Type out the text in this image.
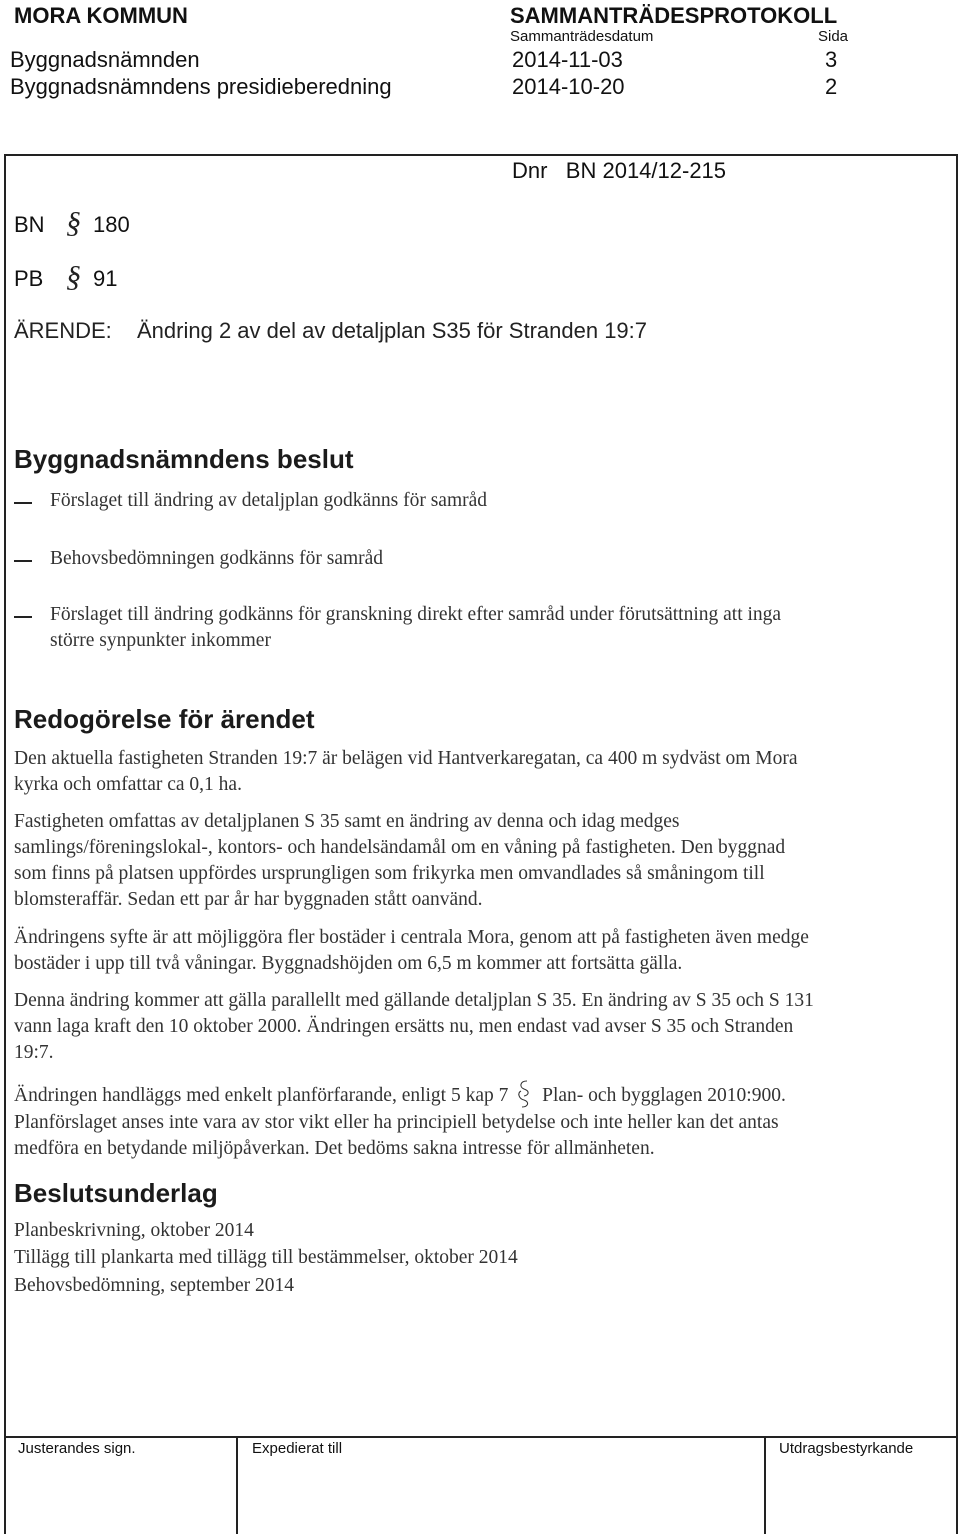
MORA KOMMUN	SAMMANTRÄDESPROTOKOLL
Sammanträdesdatum	Sida
Byggnadsnämnden	2014-11-03	3
Byggnadsnämndens presidieberedning	2014-10-20	2
Dnr BN 2014/12-215
BN § 180
PB § 91
ÄRENDE: Ändring 2 av del av detaljplan S35 för Stranden 19:7
Byggnadsnämndens beslut
Förslaget till ändring av detaljplan godkänns för samråd
Behovsbedömningen godkänns för samråd
Förslaget till ändring godkänns för granskning direkt efter samråd under förutsättning att inga
större synpunkter inkommer
Redogörelse för ärendet
Den aktuella fastigheten Stranden 19:7 är belägen vid Hantverkaregatan, ca 400 m sydväst om Mora
kyrka och omfattar ca 0,1 ha.
Fastigheten omfattas av detaljplanen S 35 samt en ändring av denna och idag medges
samlings/föreningslokal-, kontors- och handelsändamål om en våning på fastigheten. Den byggnad
som finns på platsen uppfördes ursprungligen som frikyrka men omvandlades så småningom till
blomsteraffär. Sedan ett par år har byggnaden stått oanvänd.
Ändringens syfte är att möjliggöra fler bostäder i centrala Mora, genom att på fastigheten även medge
bostäder i upp till två våningar. Byggnadshöjden om 6,5 m kommer att fortsätta gälla.
Denna ändring kommer att gälla parallellt med gällande detaljplan S 35. En ändring av S 35 och S 131
vann laga kraft den 10 oktober 2000. Ändringen ersätts nu, men endast vad avser S 35 och Stranden
19:7.
Ändringen handläggs med enkelt planförfarande, enligt 5 kap 7 Plan- och bygglagen 2010:900.
Planförslaget anses inte vara av stor vikt eller ha principiell betydelse och inte heller kan det antas
medföra en betydande miljöpåverkan. Det bedöms sakna intresse för allmänheten.
Beslutsunderlag
Planbeskrivning, oktober 2014
Tillägg till plankarta med tillägg till bestämmelser, oktober 2014
Behovsbedömning, september 2014
Justerandes sign.	Expedierat till	Utdragsbestyrkande
